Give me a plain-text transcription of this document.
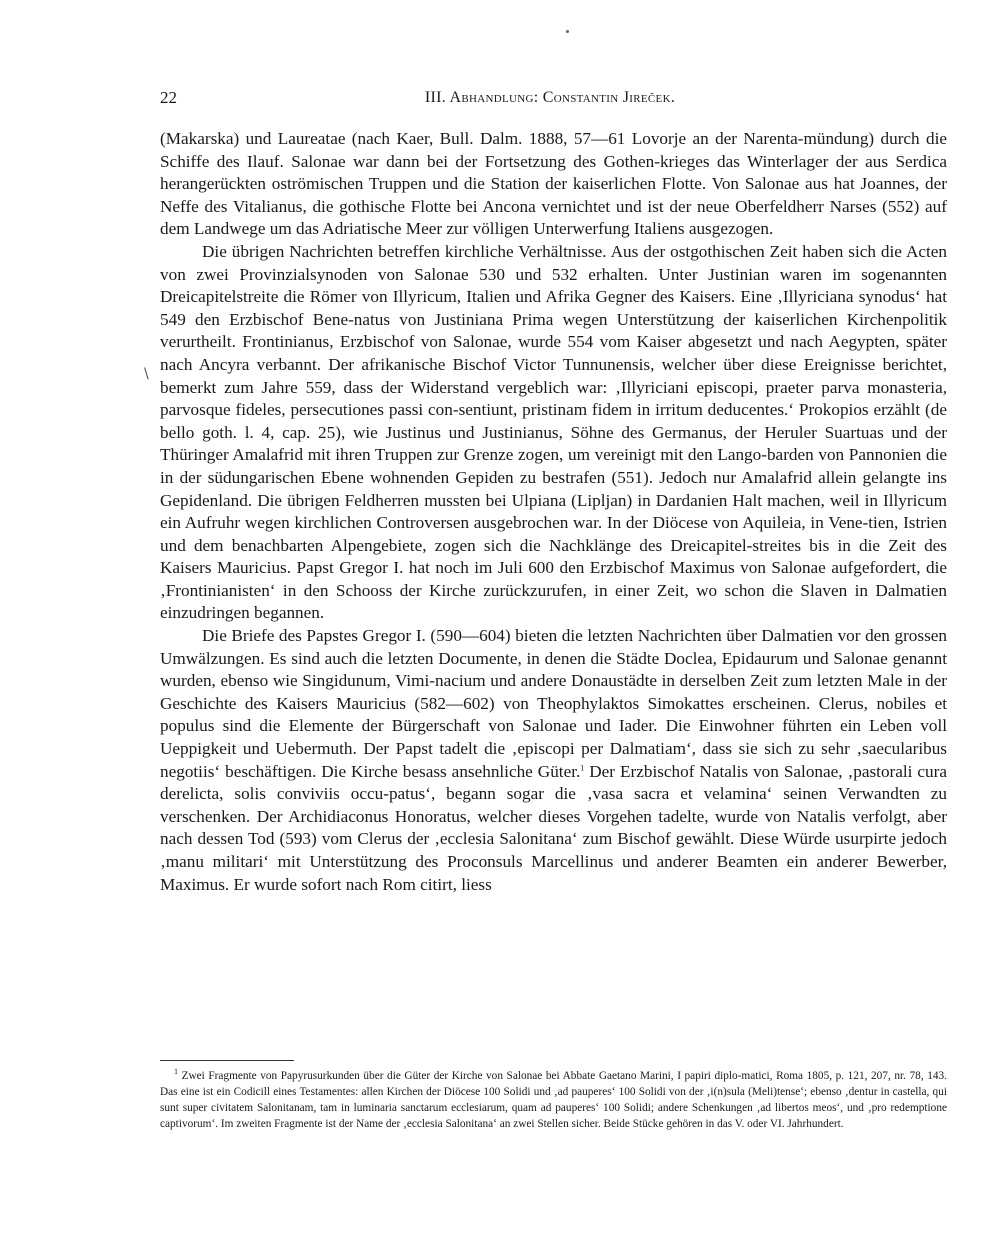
22	III. Abhandlung: Constantin Jireček.
\

(Makarska) und Laureatae (nach Kaer, Bull. Dalm. 1888, 57—61 Lovorje an der Narenta-mündung) durch die Schiffe des Ilauf. Salonae war dann bei der Fortsetzung des Gothen-krieges das Winterlager der aus Serdica herangerückten oströmischen Truppen und die Station der kaiserlichen Flotte. Von Salonae aus hat Joannes, der Neffe des Vitalianus, die gothische Flotte bei Ancona vernichtet und ist der neue Oberfeldherr Narses (552) auf dem Landwege um das Adriatische Meer zur völligen Unterwerfung Italiens ausgezogen.

Die übrigen Nachrichten betreffen kirchliche Verhältnisse. Aus der ostgothischen Zeit haben sich die Acten von zwei Provinzialsynoden von Salonae 530 und 532 erhalten. Unter Justinian waren im sogenannten Dreicapitelstreite die Römer von Illyricum, Italien und Afrika Gegner des Kaisers. Eine ‚Illyriciana synodus‘ hat 549 den Erzbischof Bene-natus von Justiniana Prima wegen Unterstützung der kaiserlichen Kirchenpolitik verurtheilt. Frontinianus, Erzbischof von Salonae, wurde 554 vom Kaiser abgesetzt und nach Aegypten, später nach Ancyra verbannt. Der afrikanische Bischof Victor Tunnunensis, welcher über diese Ereignisse berichtet, bemerkt zum Jahre 559, dass der Widerstand vergeblich war: ‚Illyriciani episcopi, praeter parva monasteria, parvosque fideles, persecutiones passi con-sentiunt, pristinam fidem in irritum deducentes.‘ Prokopios erzählt (de bello goth. l. 4, cap. 25), wie Justinus und Justinianus, Söhne des Germanus, der Heruler Suartuas und der Thüringer Amalafrid mit ihren Truppen zur Grenze zogen, um vereinigt mit den Lango-barden von Pannonien die in der südungarischen Ebene wohnenden Gepiden zu bestrafen (551). Jedoch nur Amalafrid allein gelangte ins Gepidenland. Die übrigen Feldherren mussten bei Ulpiana (Lipljan) in Dardanien Halt machen, weil in Illyricum ein Aufruhr wegen kirchlichen Controversen ausgebrochen war. In der Diöcese von Aquileia, in Vene-tien, Istrien und dem benachbarten Alpengebiete, zogen sich die Nachklänge des Dreicapitel-streites bis in die Zeit des Kaisers Mauricius. Papst Gregor I. hat noch im Juli 600 den Erzbischof Maximus von Salonae aufgefordert, die ‚Frontinianisten‘ in den Schooss der Kirche zurückzurufen, in einer Zeit, wo schon die Slaven in Dalmatien einzudringen begannen.

Die Briefe des Papstes Gregor I. (590—604) bieten die letzten Nachrichten über Dalmatien vor den grossen Umwälzungen. Es sind auch die letzten Documente, in denen die Städte Doclea, Epidaurum und Salonae genannt wurden, ebenso wie Singidunum, Vimi-nacium und andere Donaustädte in derselben Zeit zum letzten Male in der Geschichte des Kaisers Mauricius (582—602) von Theophylaktos Simokattes erscheinen. Clerus, nobiles et populus sind die Elemente der Bürgerschaft von Salonae und Iader. Die Einwohner führten ein Leben voll Ueppigkeit und Uebermuth. Der Papst tadelt die ‚episcopi per Dalmatiam‘, dass sie sich zu sehr ‚saecularibus negotiis‘ beschäftigen. Die Kirche besass ansehnliche Güter.$^1$ Der Erzbischof Natalis von Salonae, ‚pastorali cura derelicta, solis conviviis occu-patus‘, begann sogar die ‚vasa sacra et velamina‘ seinen Verwandten zu verschenken. Der Archidiaconus Honoratus, welcher dieses Vorgehen tadelte, wurde von Natalis verfolgt, aber nach dessen Tod (593) vom Clerus der ‚ecclesia Salonitana‘ zum Bischof gewählt. Diese Würde usurpirte jedoch ‚manu militari‘ mit Unterstützung des Proconsuls Marcellinus und anderer Beamten ein anderer Bewerber, Maximus. Er wurde sofort nach Rom citirt, liess

$^1$ Zwei Fragmente von Papyrusurkunden über die Güter der Kirche von Salonae bei Abbate Gaetano Marini, I papiri diplo-matici, Roma 1805, p. 121, 207, nr. 78, 143. Das eine ist ein Codicill eines Testamentes: allen Kirchen der Diöcese 100 Solidi und ‚ad pauperes‘ 100 Solidi von der ‚i(n)sula (Meli)tense‘; ebenso ‚dentur in castella, qui sunt super civitatem Salonitanam, tam in luminaria sanctarum ecclesiarum, quam ad pauperes‘ 100 Solidi; andere Schenkungen ‚ad libertos meos‘, und ‚pro redemptione captivorum‘. Im zweiten Fragmente ist der Name der ‚ecclesia Salonitana‘ an zwei Stellen sicher. Beide Stücke gehören in das V. oder VI. Jahrhundert.
